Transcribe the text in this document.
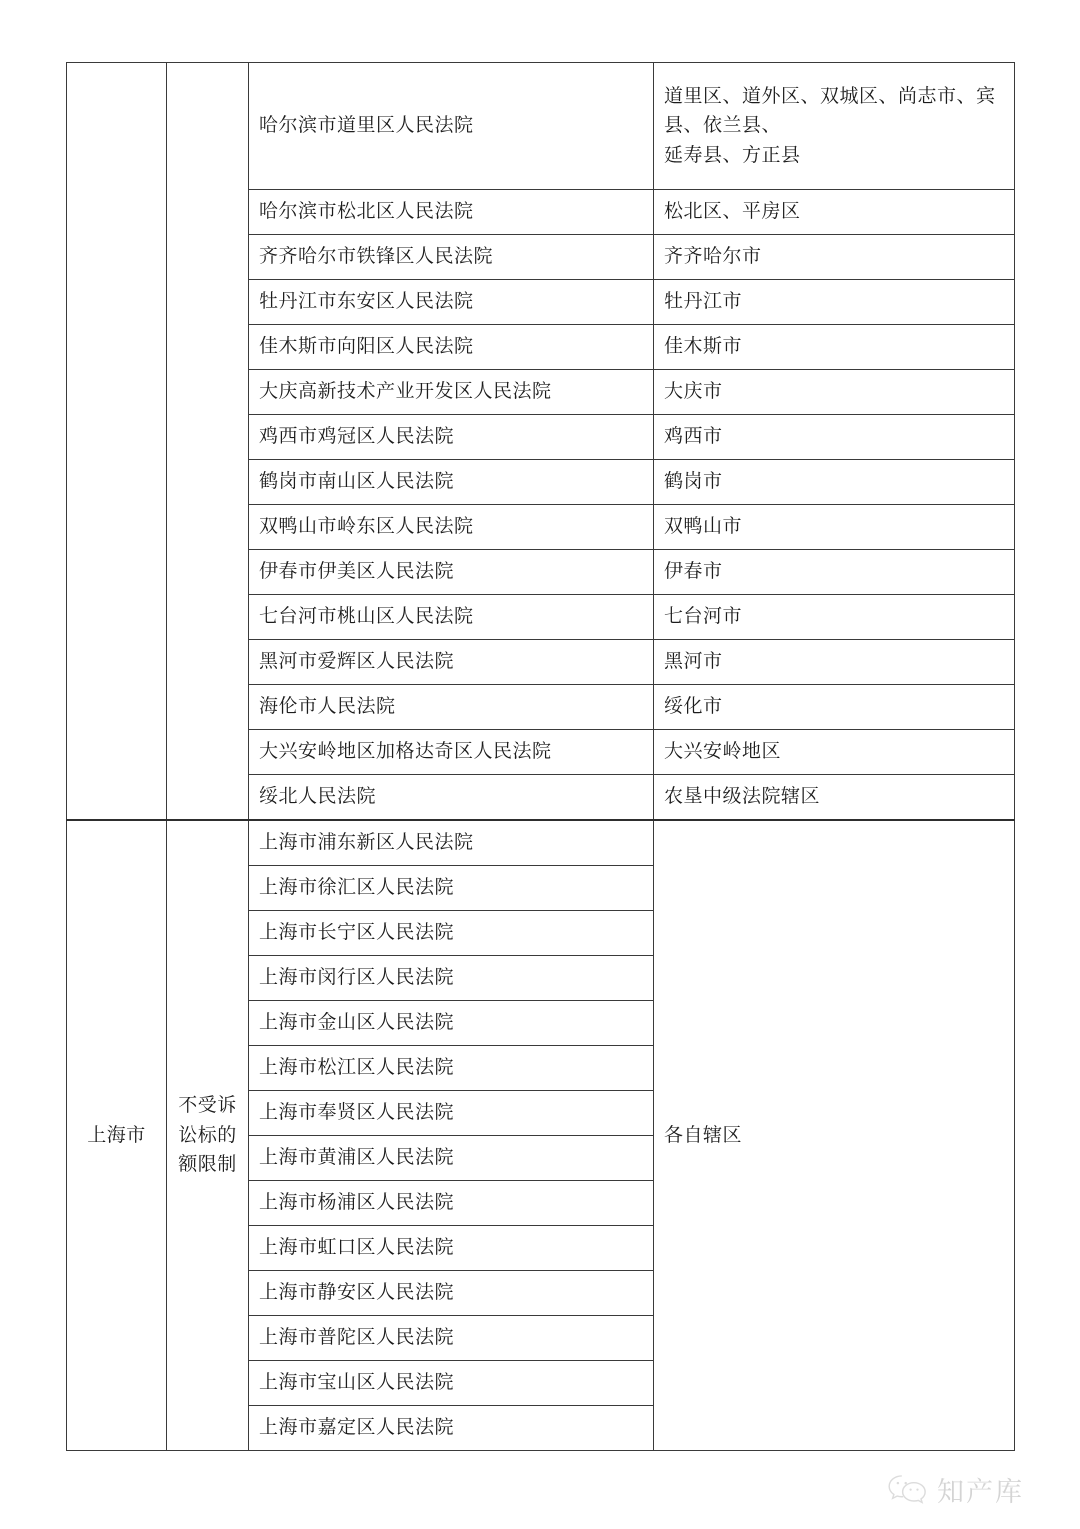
		哈尔滨市道里区人民法院	道里区、道外区、双城区、尚志市、宾县、依兰县、
延寿县、方正县

		哈尔滨市松北区人民法院	松北区、平房区
		齐齐哈尔市铁锋区人民法院	齐齐哈尔市
		牡丹江市东安区人民法院	牡丹江市
		佳木斯市向阳区人民法院	佳木斯市
		大庆高新技术产业开发区人民法院	大庆市
		鸡西市鸡冠区人民法院	鸡西市
		鹤岗市南山区人民法院	鹤岗市
		双鸭山市岭东区人民法院	双鸭山市
		伊春市伊美区人民法院	伊春市
		七台河市桃山区人民法院	七台河市
		黑河市爱辉区人民法院	黑河市
		海伦市人民法院	绥化市
		大兴安岭地区加格达奇区人民法院	大兴安岭地区
		绥北人民法院	农垦中级法院辖区
上海市	不受诉讼标的额限制	上海市浦东新区人民法院	各自辖区
		上海市徐汇区人民法院	
		上海市长宁区人民法院	
		上海市闵行区人民法院	
		上海市金山区人民法院	
		上海市松江区人民法院	
		上海市奉贤区人民法院	
		上海市黄浦区人民法院	
		上海市杨浦区人民法院	
		上海市虹口区人民法院	
		上海市静安区人民法院	
		上海市普陀区人民法院	
		上海市宝山区人民法院	
		上海市嘉定区人民法院	
知产库
